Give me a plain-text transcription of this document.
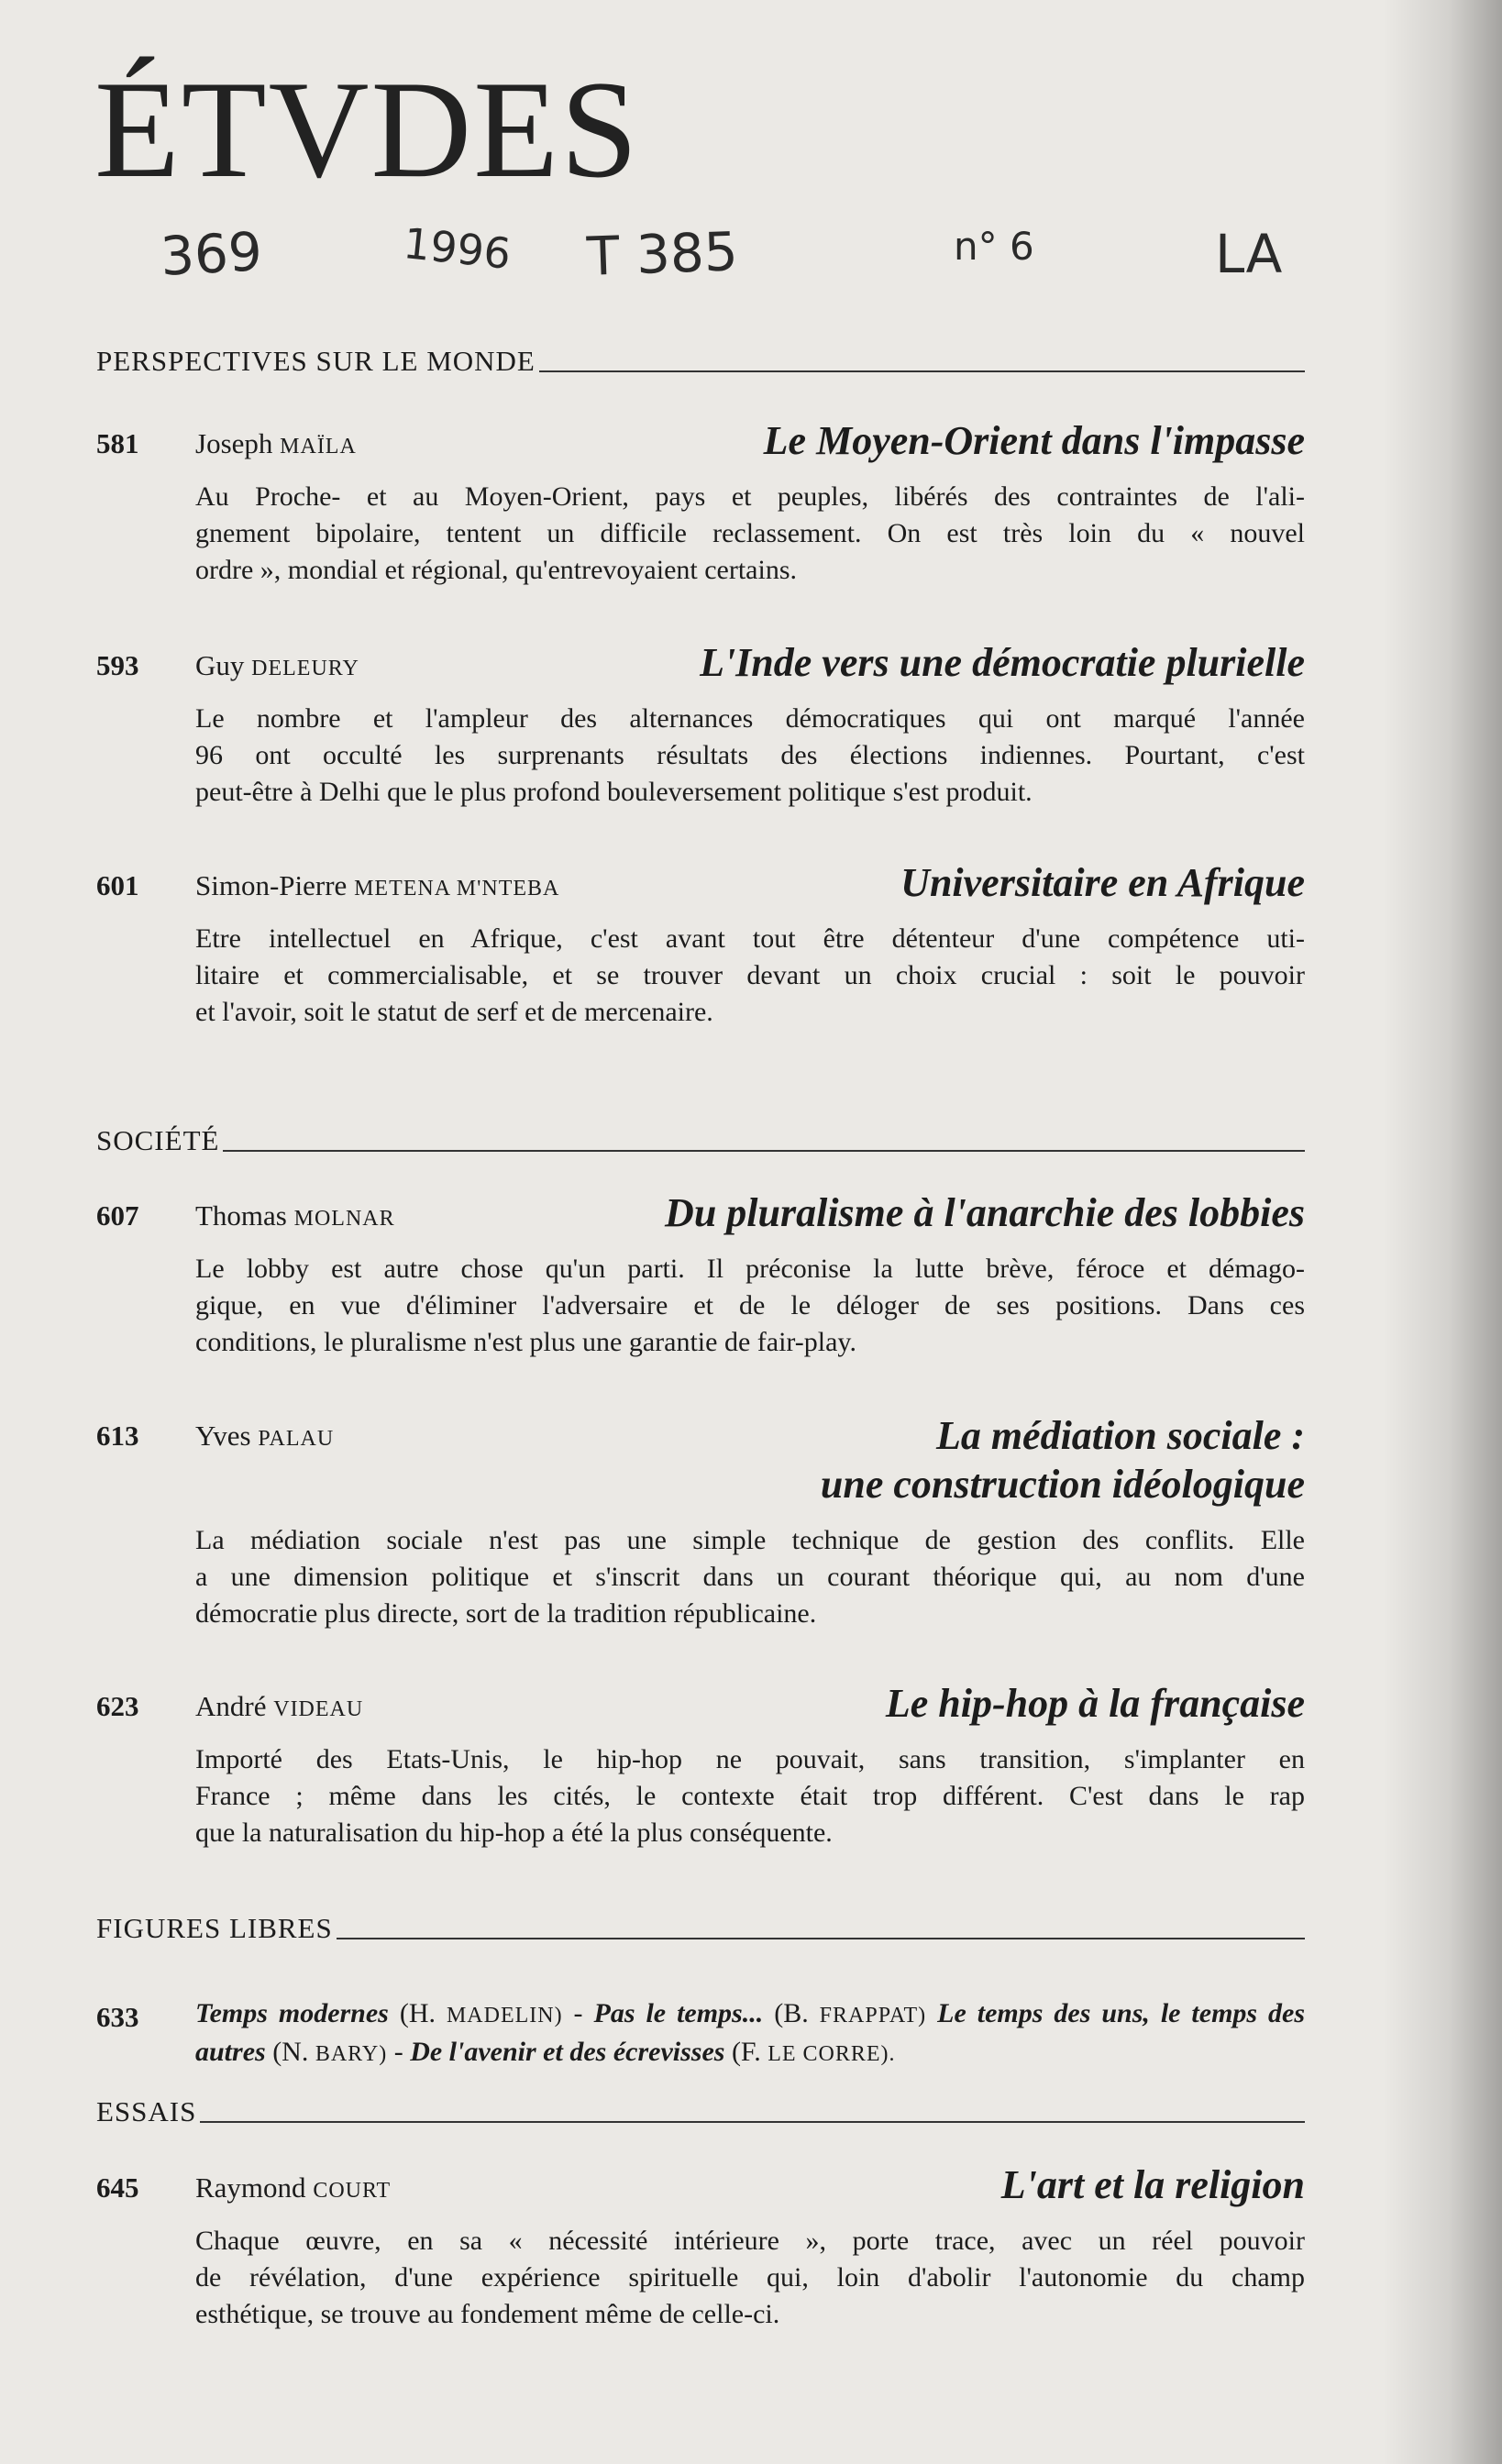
ÉTVDES
369	1996 T 385	n° 6	LA
PERSPECTIVES SUR LE MONDE
581 Joseph MAÏLA	Le Moyen-Orient dans l'impasse
Au Proche- et au Moyen-Orient, pays et peuples, libérés des contraintes de l'ali-
gnement bipolaire, tentent un difficile reclassement. On est très loin du « nouvel
ordre », mondial et régional, qu'entrevoyaient certains.
593 Guy DELEURY	L'Inde vers une démocratie plurielle
Le nombre et l'ampleur des alternances démocratiques qui ont marqué l'année
96 ont occulté les surprenants résultats des élections indiennes. Pourtant, c'est
peut-être à Delhi que le plus profond bouleversement politique s'est produit.
601 Simon-Pierre METENA M'NTEBA	Universitaire en Afrique
Etre intellectuel en Afrique, c'est avant tout être détenteur d'une compétence uti-
litaire et commercialisable, et se trouver devant un choix crucial : soit le pouvoir
et l'avoir, soit le statut de serf et de mercenaire.
SOCIÉTÉ
607 Thomas MOLNAR	Du pluralisme à l'anarchie des lobbies
Le lobby est autre chose qu'un parti. Il préconise la lutte brève, féroce et démago-
gique, en vue d'éliminer l'adversaire et de le déloger de ses positions. Dans ces
conditions, le pluralisme n'est plus une garantie de fair-play.
613 Yves PALAU	La médiation sociale :
une construction idéologique
La médiation sociale n'est pas une simple technique de gestion des conflits. Elle
a une dimension politique et s'inscrit dans un courant théorique qui, au nom d'une
démocratie plus directe, sort de la tradition républicaine.
623 André VIDEAU	Le hip-hop à la française
Importé des Etats-Unis, le hip-hop ne pouvait, sans transition, s'implanter en
France ; même dans les cités, le contexte était trop différent. C'est dans le rap
que la naturalisation du hip-hop a été la plus conséquente.
FIGURES LIBRES
633 Temps modernes (H. MADELIN) - Pas le temps... (B. FRAPPAT) Le temps des uns, le temps des autres (N. BARY) - De l'avenir et des écrevisses (F. LE CORRE).
ESSAIS
645 Raymond COURT	L'art et la religion
Chaque œuvre, en sa « nécessité intérieure », porte trace, avec un réel pouvoir
de révélation, d'une expérience spirituelle qui, loin d'abolir l'autonomie du champ
esthétique, se trouve au fondement même de celle-ci.
